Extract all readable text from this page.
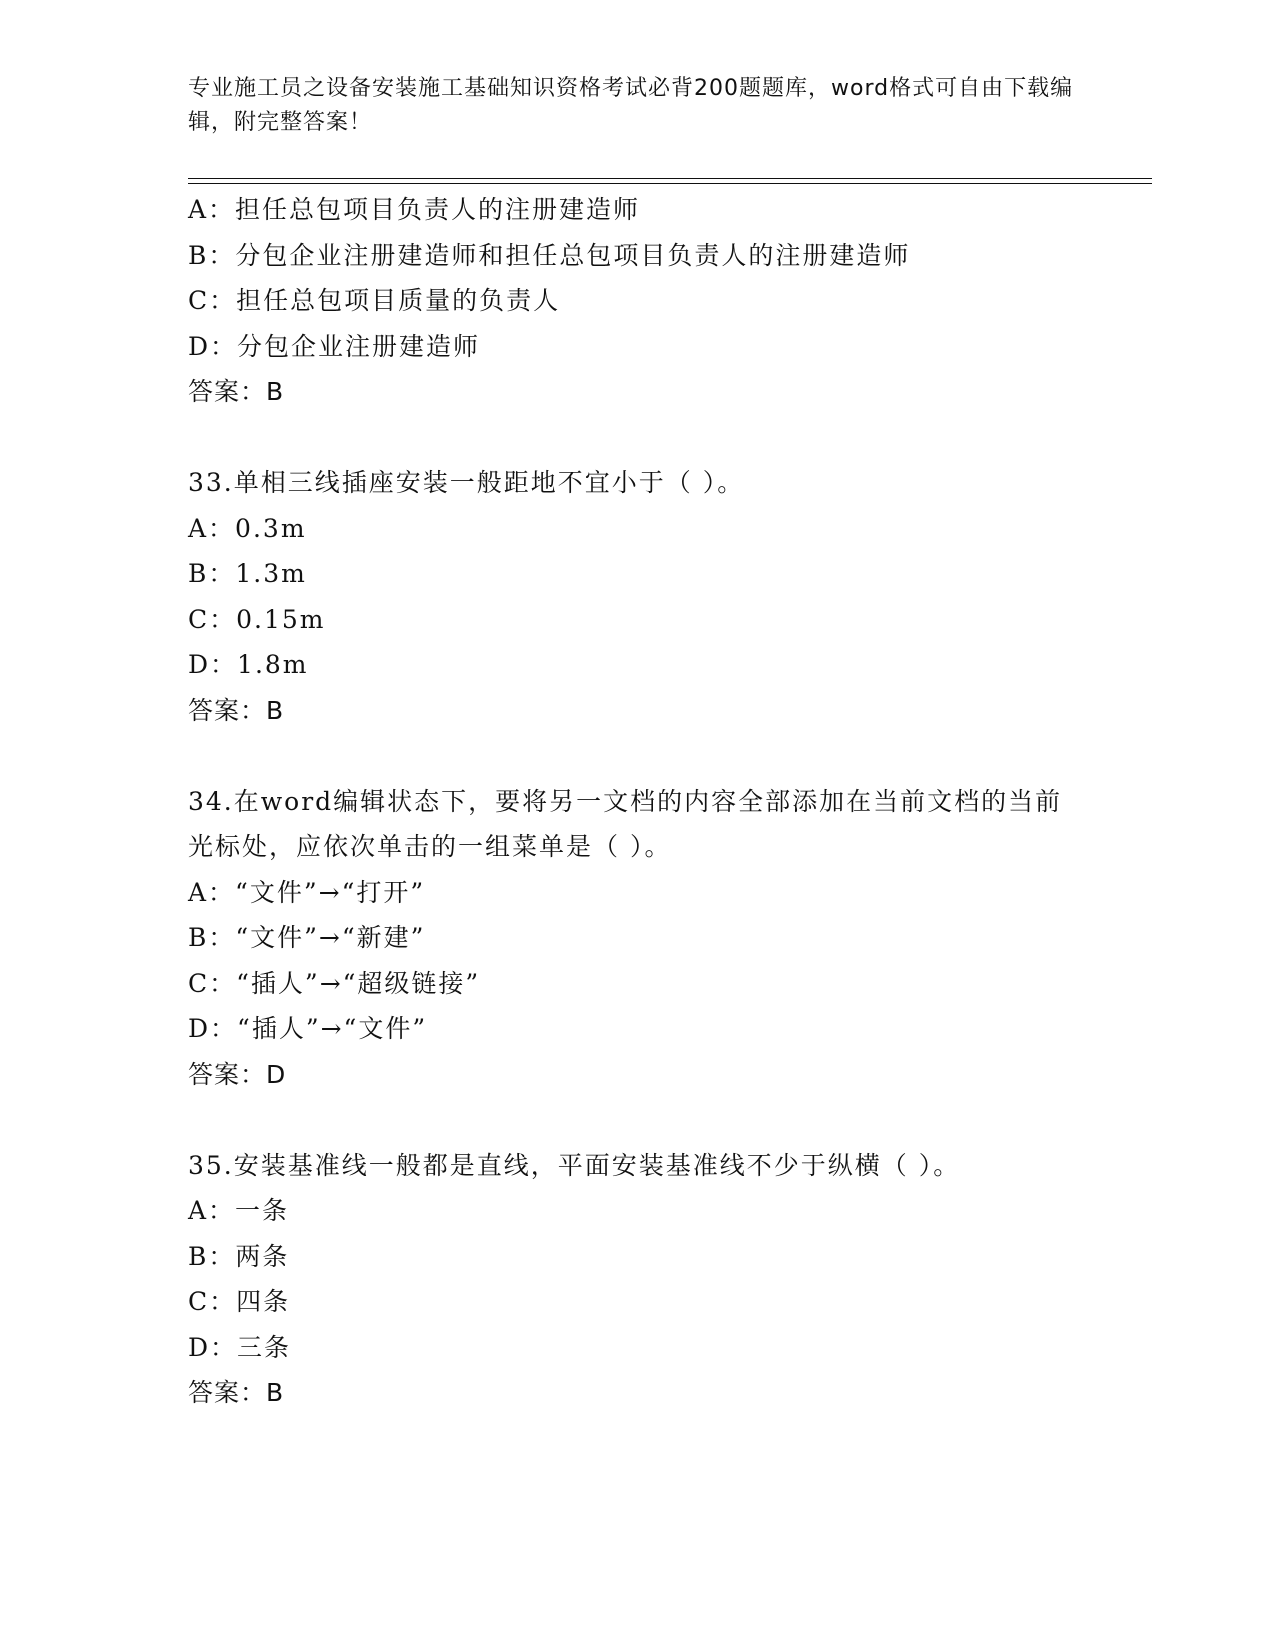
专业施工员之设备安装施工基础知识资格考试必背200题题库，word格式可自由下载编辑，附完整答案！
A：担任总包项目负责人的注册建造师
B：分包企业注册建造师和担任总包项目负责人的注册建造师
C：担任总包项目质量的负责人
D：分包企业注册建造师
答案：B
33.单相三线插座安装一般距地不宜小于（ ）。
A：0.3m
B：1.3m
C：0.15m
D：1.8m
答案：B
34.在word编辑状态下，要将另一文档的内容全部添加在当前文档的当前光标处，应依次单击的一组菜单是（ ）。
A：“文件”→“打开”
B：“文件”→“新建”
C：“插人”→“超级链接”
D：“插人”→“文件”
答案：D
35.安装基准线一般都是直线，平面安装基准线不少于纵横（ ）。
A：一条
B：两条
C：四条
D：三条
答案：B
